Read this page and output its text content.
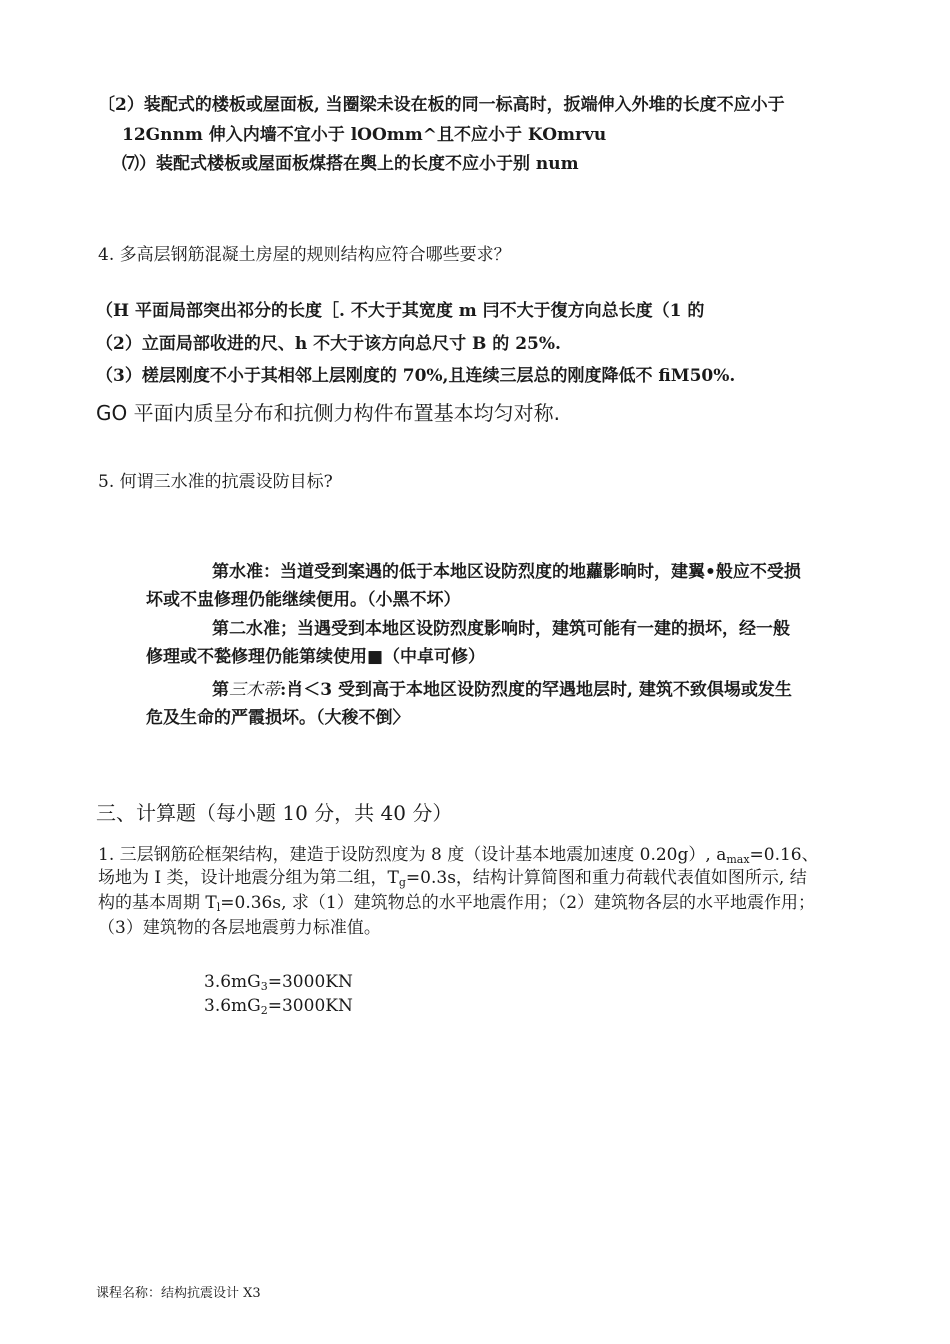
〔2）装配式的楼板或屋面板, 当圈梁未设在板的同一标高时，扳端伸入外堆的长度不应小于
12Gnnm 伸入内墙不宜小于 lOOmm^且不应小于 KOmrvu
⑺）装配式楼板或屋面板煤搭在舆上的长度不应小于别 num
4. 多高层钢筋混凝土房屋的规则结构应符合哪些要求？
（H 平面局部突出祁分的长度［. 不大于其宽度 m 冃不大于復方向总长度（1 的
（2）立面局部收进的尺、h 不大于该方向总尺寸 B 的 25%.
（3）槎层刚度不小于其相邻上层刚度的 70%,且连续三层总的刚度降低不 fiM50%.
GO 平面内质呈分布和抗侧力构件布置基本均匀对称.
5. 何谓三水准的抗震设防目标?
第水准：当道受到案遇的低于本地区设防烈度的地蘿影晌时，建翼•般应不受损
坏或不盅修理仍能继续便用。（小黑不坏）
第二水准；当遇受到本地区设防烈度影响时，建筑可能有一建的损坏，经一般
修理或不甃修理仍能第续使用■（中卓可修）
第三木蒂:肖＜3 受到高于本地区设防烈度的罕遇地层时, 建筑不致倶埸或发生
危及生命的严霞损坏。（大稄不倒〉
三、计算题（每小题 10 分，共 40 分）
1. 三层钢筋砼框架结构，建造于设防烈度为 8 度（设计基本地震加速度 0.20g）, $a_{max}=0.16$、
场地为 I 类，设计地震分组为第二组，$T_g=0.3s$，结构计算简图和重力荷载代表值如图所示, 结
构的基本周期 $T_l=0.36s$, 求（1）建筑物总的水平地震作用；（2）建筑物各层的水平地震作用；
（3）建筑物的各层地震剪力标准值。
$3.6mG_3=3000KN$
$3.6mG_2=3000KN$
课程名称：结构抗震设计 X3
